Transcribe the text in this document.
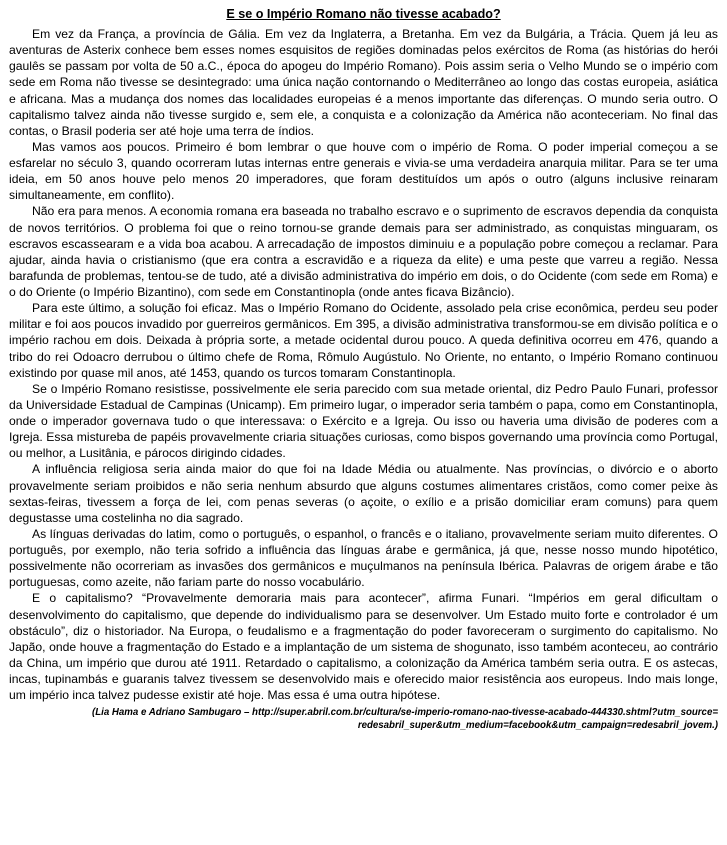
E se o Império Romano não tivesse acabado?

Em vez da França, a província de Gália. Em vez da Inglaterra, a Bretanha. Em vez da Bulgária, a Trácia. Quem já leu as aventuras de Asterix conhece bem esses nomes esquisitos de regiões dominadas pelos exércitos de Roma (as histórias do herói gaulês se passam por volta de 50 a.C., época do apogeu do Império Romano). Pois assim seria o Velho Mundo se o império com sede em Roma não tivesse se desintegrado: uma única nação contornando o Mediterrâneo ao longo das costas europeia, asiática e africana. Mas a mudança dos nomes das localidades europeias é a menos importante das diferenças. O mundo seria outro. O capitalismo talvez ainda não tivesse surgido e, sem ele, a conquista e a colonização da América não aconteceriam. No final das contas, o Brasil poderia ser até hoje uma terra de índios.

Mas vamos aos poucos. Primeiro é bom lembrar o que houve com o império de Roma. O poder imperial começou a se esfarelar no século 3, quando ocorreram lutas internas entre generais e vivia-se uma verdadeira anarquia militar. Para se ter uma ideia, em 50 anos houve pelo menos 20 imperadores, que foram destituídos um após o outro (alguns inclusive reinaram simultaneamente, em conflito).

Não era para menos. A economia romana era baseada no trabalho escravo e o suprimento de escravos dependia da conquista de novos territórios. O problema foi que o reino tornou-se grande demais para ser administrado, as conquistas minguaram, os escravos escassearam e a vida boa acabou. A arrecadação de impostos diminuiu e a população pobre começou a reclamar. Para ajudar, ainda havia o cristianismo (que era contra a escravidão e a riqueza da elite) e uma peste que varreu a região. Nessa barafunda de problemas, tentou-se de tudo, até a divisão administrativa do império em dois, o do Ocidente (com sede em Roma) e o do Oriente (o Império Bizantino), com sede em Constantinopla (onde antes ficava Bizâncio).

Para este último, a solução foi eficaz. Mas o Império Romano do Ocidente, assolado pela crise econômica, perdeu seu poder militar e foi aos poucos invadido por guerreiros germânicos. Em 395, a divisão administrativa transformou-se em divisão política e o império rachou em dois. Deixada à própria sorte, a metade ocidental durou pouco. A queda definitiva ocorreu em 476, quando a tribo do rei Odoacro derrubou o último chefe de Roma, Rômulo Augústulo. No Oriente, no entanto, o Império Romano continuou existindo por quase mil anos, até 1453, quando os turcos tomaram Constantinopla.

Se o Império Romano resistisse, possivelmente ele seria parecido com sua metade oriental, diz Pedro Paulo Funari, professor da Universidade Estadual de Campinas (Unicamp). Em primeiro lugar, o imperador seria também o papa, como em Constantinopla, onde o imperador governava tudo o que interessava: o Exército e a Igreja. Ou isso ou haveria uma divisão de poderes com a Igreja. Essa mistureba de papéis provavelmente criaria situações curiosas, como bispos governando uma província como Portugal, ou melhor, a Lusitânia, e párocos dirigindo cidades.

A influência religiosa seria ainda maior do que foi na Idade Média ou atualmente. Nas províncias, o divórcio e o aborto provavelmente seriam proibidos e não seria nenhum absurdo que alguns costumes alimentares cristãos, como comer peixe às sextas-feiras, tivessem a força de lei, com penas severas (o açoite, o exílio e a prisão domiciliar eram comuns) para quem degustasse uma costelinha no dia sagrado.

As línguas derivadas do latim, como o português, o espanhol, o francês e o italiano, provavelmente seriam muito diferentes. O português, por exemplo, não teria sofrido a influência das línguas árabe e germânica, já que, nesse nosso mundo hipotético, possivelmente não ocorreriam as invasões dos germânicos e muçulmanos na península Ibérica. Palavras de origem árabe e tão portuguesas, como azeite, não fariam parte do nosso vocabulário.

E o capitalismo? “Provavelmente demoraria mais para acontecer”, afirma Funari. “Impérios em geral dificultam o desenvolvimento do capitalismo, que depende do individualismo para se desenvolver. Um Estado muito forte e controlador é um obstáculo”, diz o historiador. Na Europa, o feudalismo e a fragmentação do poder favoreceram o surgimento do capitalismo. No Japão, onde houve a fragmentação do Estado e a implantação de um sistema de shogunato, isso também aconteceu, ao contrário da China, um império que durou até 1911. Retardado o capitalismo, a colonização da América também seria outra. E os astecas, incas, tupinambás e guaranis talvez tivessem se desenvolvido mais e oferecido maior resistência aos europeus. Indo mais longe, um império inca talvez pudesse existir até hoje. Mas essa é uma outra hipótese.

(Lia Hama e Adriano Sambugaro – http://super.abril.com.br/cultura/se-imperio-romano-nao-tivesse-acabado-444330.shtml?utm_source=
redesabril_super&utm_medium=facebook&utm_campaign=redesabril_jovem.)
